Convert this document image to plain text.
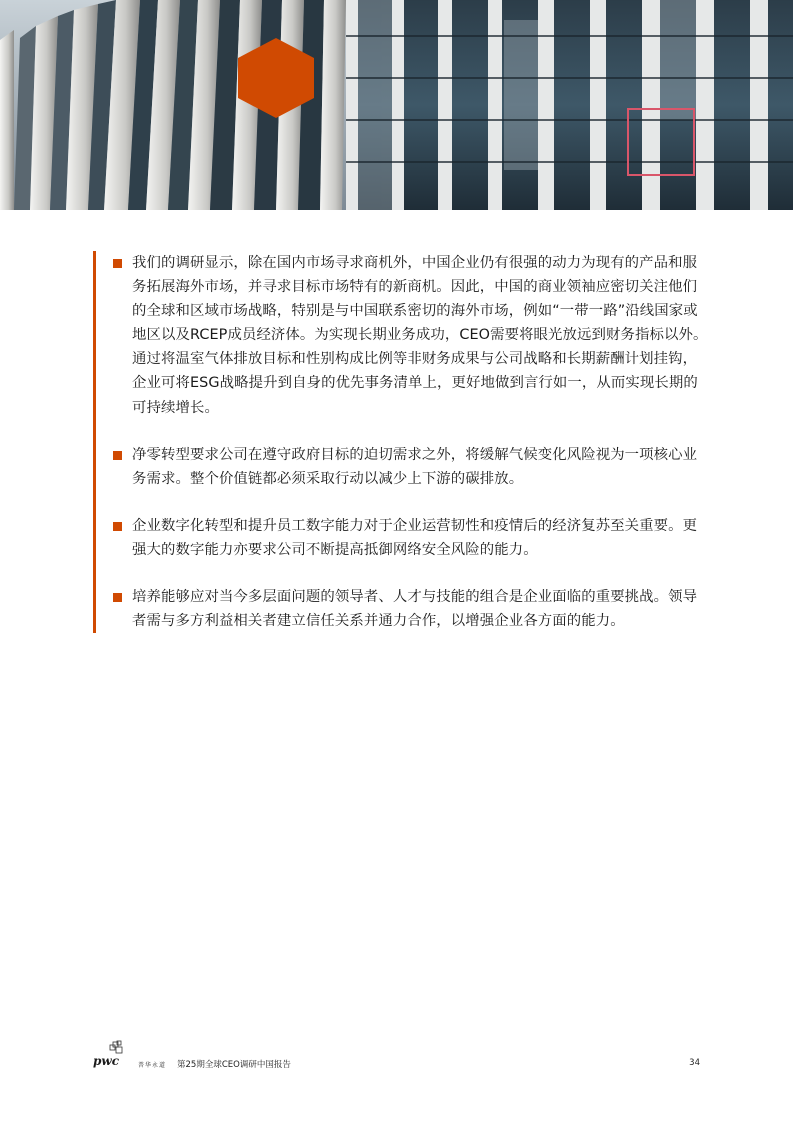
我们的调研显示，除在国内市场寻求商机外，中国企业仍有很强的动力为现有的产品和服务拓展海外市场，并寻求目标市场特有的新商机。因此，中国的商业领袖应密切关注他们的全球和区域市场战略，特别是与中国联系密切的海外市场，例如“一带一路”沿线国家或地区以及RCEP成员经济体。为实现长期业务成功，CEO需要将眼光放远到财务指标以外。通过将温室气体排放目标和性别构成比例等非财务成果与公司战略和长期薪酬计划挂钩，企业可将ESG战略提升到自身的优先事务清单上，更好地做到言行如一，从而实现长期的可持续增长。
净零转型要求公司在遵守政府目标的迫切需求之外，将缓解气候变化风险视为一项核心业务需求。整个价值链都必须采取行动以减少上下游的碳排放。
企业数字化转型和提升员工数字能力对于企业运营韧性和疫情后的经济复苏至关重要。更强大的数字能力亦要求公司不断提高抵御网络安全风险的能力。
培养能够应对当今多层面问题的领导者、人才与技能的组合是企业面临的重要挑战。领导者需与多方利益相关者建立信任关系并通力合作，以增强企业各方面的能力。
pwc	普华永道 第25期全球CEO调研中国报告	34
